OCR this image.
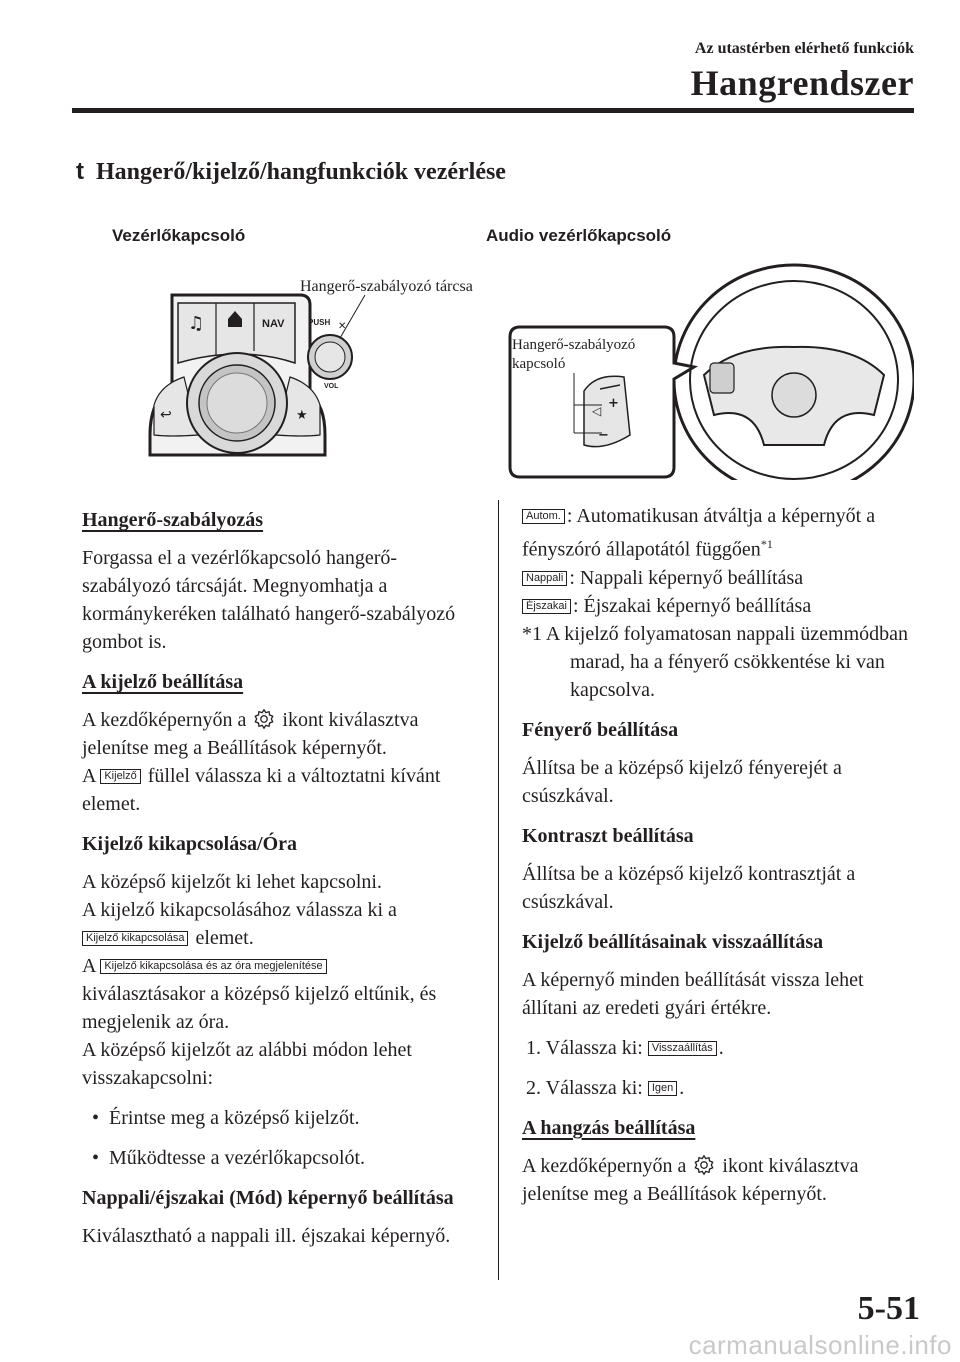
Az utastérben elérhető funkciók
Hangrendszer
t Hangerő/kijelző/hangfunkciók vezérlése
Vezérlőkapcsoló	Audio vezérlőkapcsoló
Hangerő-szabályozó tárcsa
♫	NAV
↩	★
PUSH ✕
VOL
+
◁
−
Hangerő-szabályozó
kapcsoló
Hangerő-szabályozás
Forgassa el a vezérlőkapcsoló hangerő-szabályozó tárcsáját. Megnyomhatja a kormánykeréken található hangerő-szabályozó gombot is.
A kijelző beállítása
A kezdőképernyőn a ikont kiválasztva jelenítse meg a Beállítások képernyőt.
A Kijelző füllel válassza ki a változtatni kívánt elemet.
Kijelző kikapcsolása/Óra
A középső kijelzőt ki lehet kapcsolni.
A kijelző kikapcsolásához válassza ki a
Kijelző kikapcsolása elemet.
A Kijelző kikapcsolása és az óra megjelenítése
kiválasztásakor a középső kijelző eltűnik, és megjelenik az óra.
A középső kijelzőt az alábbi módon lehet visszakapcsolni:
•  Érintse meg a középső kijelzőt.
•  Működtesse a vezérlőkapcsolót.
Nappali/éjszakai (Mód) képernyő beállítása
Kiválasztható a nappali ill. éjszakai képernyő.
Autom. : Automatikusan átváltja a képernyőt a fényszóró állapotától függően$^{*1}$
Nappali : Nappali képernyő beállítása
Éjszakai : Éjszakai képernyő beállítása
*1 A kijelző folyamatosan nappali üzemmódban marad, ha a fényerő csökkentése ki van kapcsolva.
Fényerő beállítása
Állítsa be a középső kijelző fényerejét a csúszkával.
Kontraszt beállítása
Állítsa be a középső kijelző kontrasztját a csúszkával.
Kijelző beállításainak visszaállítása
A képernyő minden beállítását vissza lehet állítani az eredeti gyári értékre.
1. Válassza ki: Visszaállítás .
2. Válassza ki: Igen .
A hangzás beállítása
A kezdőképernyőn a ikont kiválasztva jelenítse meg a Beállítások képernyőt.
5-51
carmanualsonline.info
